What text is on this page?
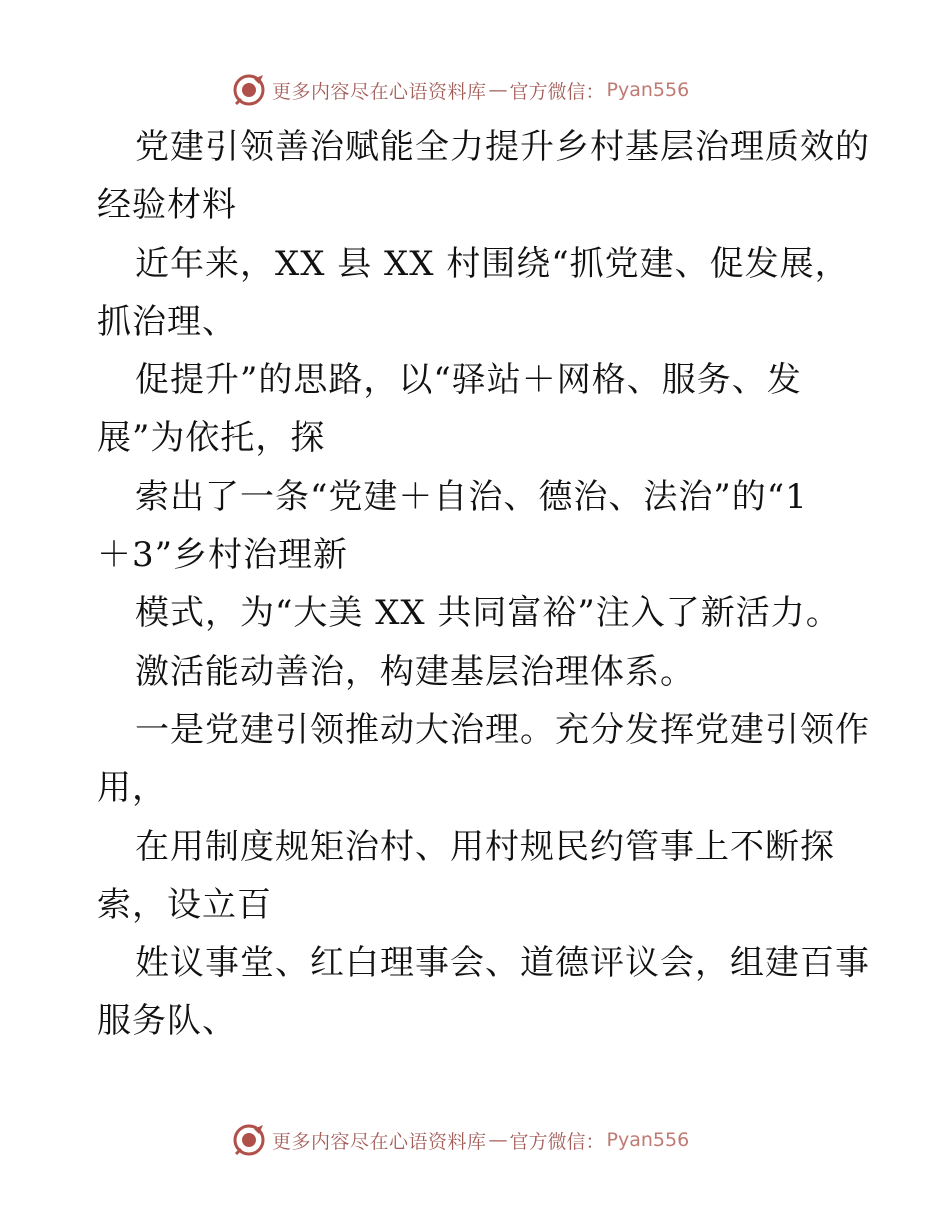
更多内容尽在心语资料库 — 官方微信： Pyan556
党建引领善治赋能全力提升乡村基层治理质效的
经验材料
近年来，XX 县 XX 村围绕“抓党建、促发展，
抓治理、
促提升”的思路，以“驿站＋网格、服务、发
展”为依托，探
索出了一条“党建＋自治、德治、法治”的“1
＋3”乡村治理新
模式，为“大美 XX 共同富裕”注入了新活力。
激活能动善治，构建基层治理体系。
一是党建引领推动大治理。充分发挥党建引领作
用，
在用制度规矩治村、用村规民约管事上不断探
索，设立百
姓议事堂、红白理事会、道德评议会，组建百事
服务队、
更多内容尽在心语资料库 — 官方微信： Pyan556
